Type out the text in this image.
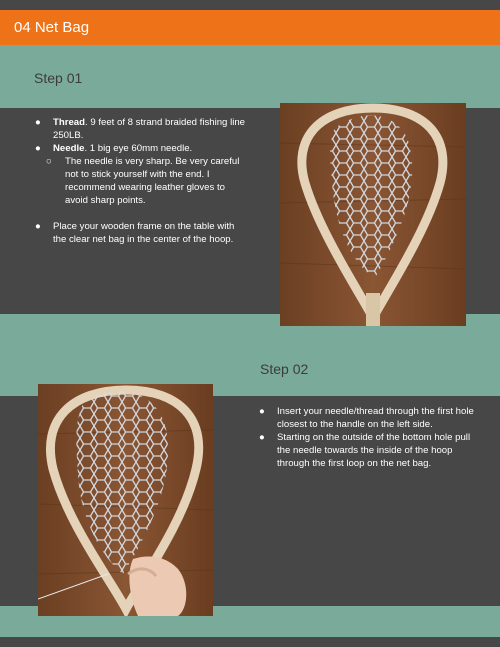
04 Net Bag
Step 01
● Thread. 9 feet of 8 strand braided fishing line 250LB.
● Needle. 1 big eye 60mm needle.
○ The needle is very sharp. Be very careful not to stick yourself with the end. I recommend wearing leather gloves to avoid sharp points.
● Place your wooden frame on the table with the clear net bag in the center of the hoop.
Step 02
● Insert your needle/thread through the first hole closest to the handle on the left side.
● Starting on the outside of the bottom hole pull the needle towards the inside of the hoop through the first loop on the net bag.
